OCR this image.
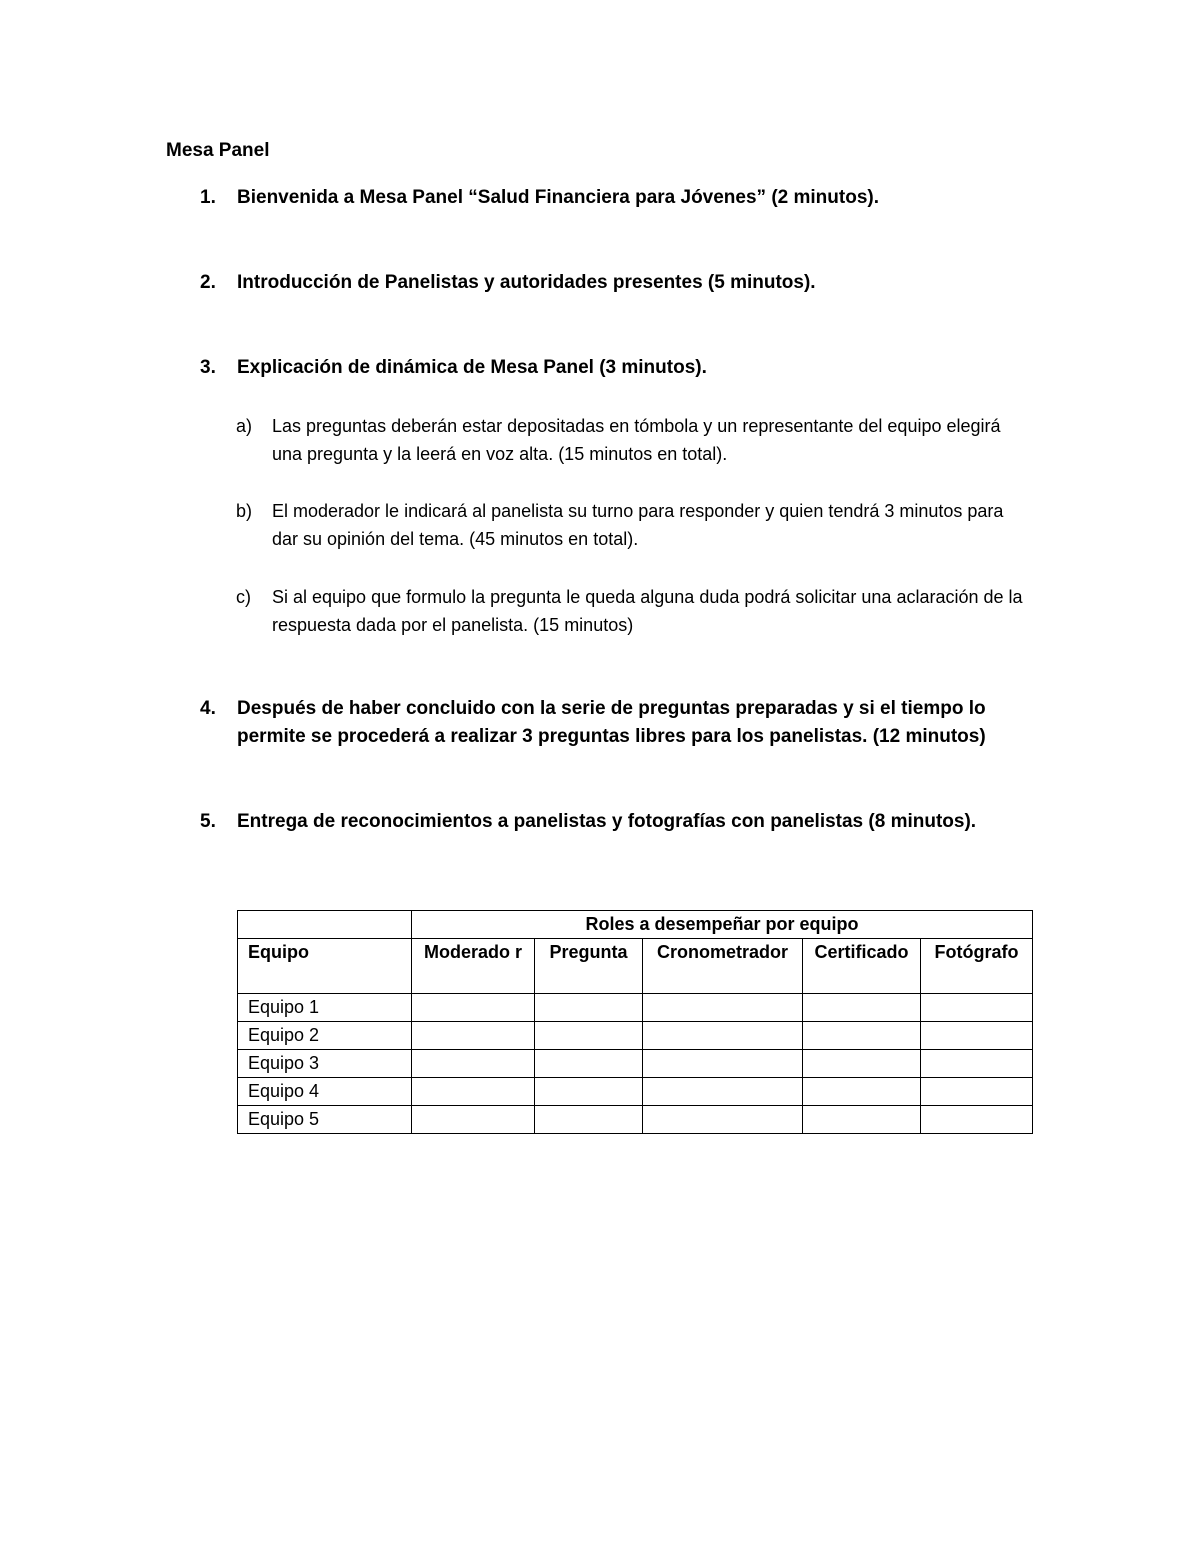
Mesa Panel
1.	Bienvenida a Mesa Panel “Salud Financiera para Jóvenes” (2 minutos).
2.	Introducción de Panelistas y autoridades presentes (5 minutos).
3.	Explicación de dinámica de Mesa Panel (3 minutos).
a) Las preguntas deberán estar depositadas en tómbola y un representante del equipo elegirá una pregunta y la leerá en voz alta. (15 minutos en total).
b) El moderador le indicará al panelista su turno para responder y quien tendrá 3 minutos para dar su opinión del tema. (45 minutos en total).
c) Si al equipo que formulo la pregunta le queda alguna duda podrá solicitar una aclaración de la respuesta dada por el panelista. (15 minutos)
4.	Después de haber concluido con la serie de preguntas preparadas y si el tiempo lo permite se procederá a realizar 3 preguntas libres para los panelistas. (12 minutos)
5.	Entrega de reconocimientos a panelistas y fotografías con panelistas (8 minutos).
	Roles a desempeñar por equipo				
Equipo	Moderado r	Pregunta	Cronometrador	Certificado	Fotógrafo
Equipo 1					
Equipo 2					
Equipo 3					
Equipo 4					
Equipo 5					
